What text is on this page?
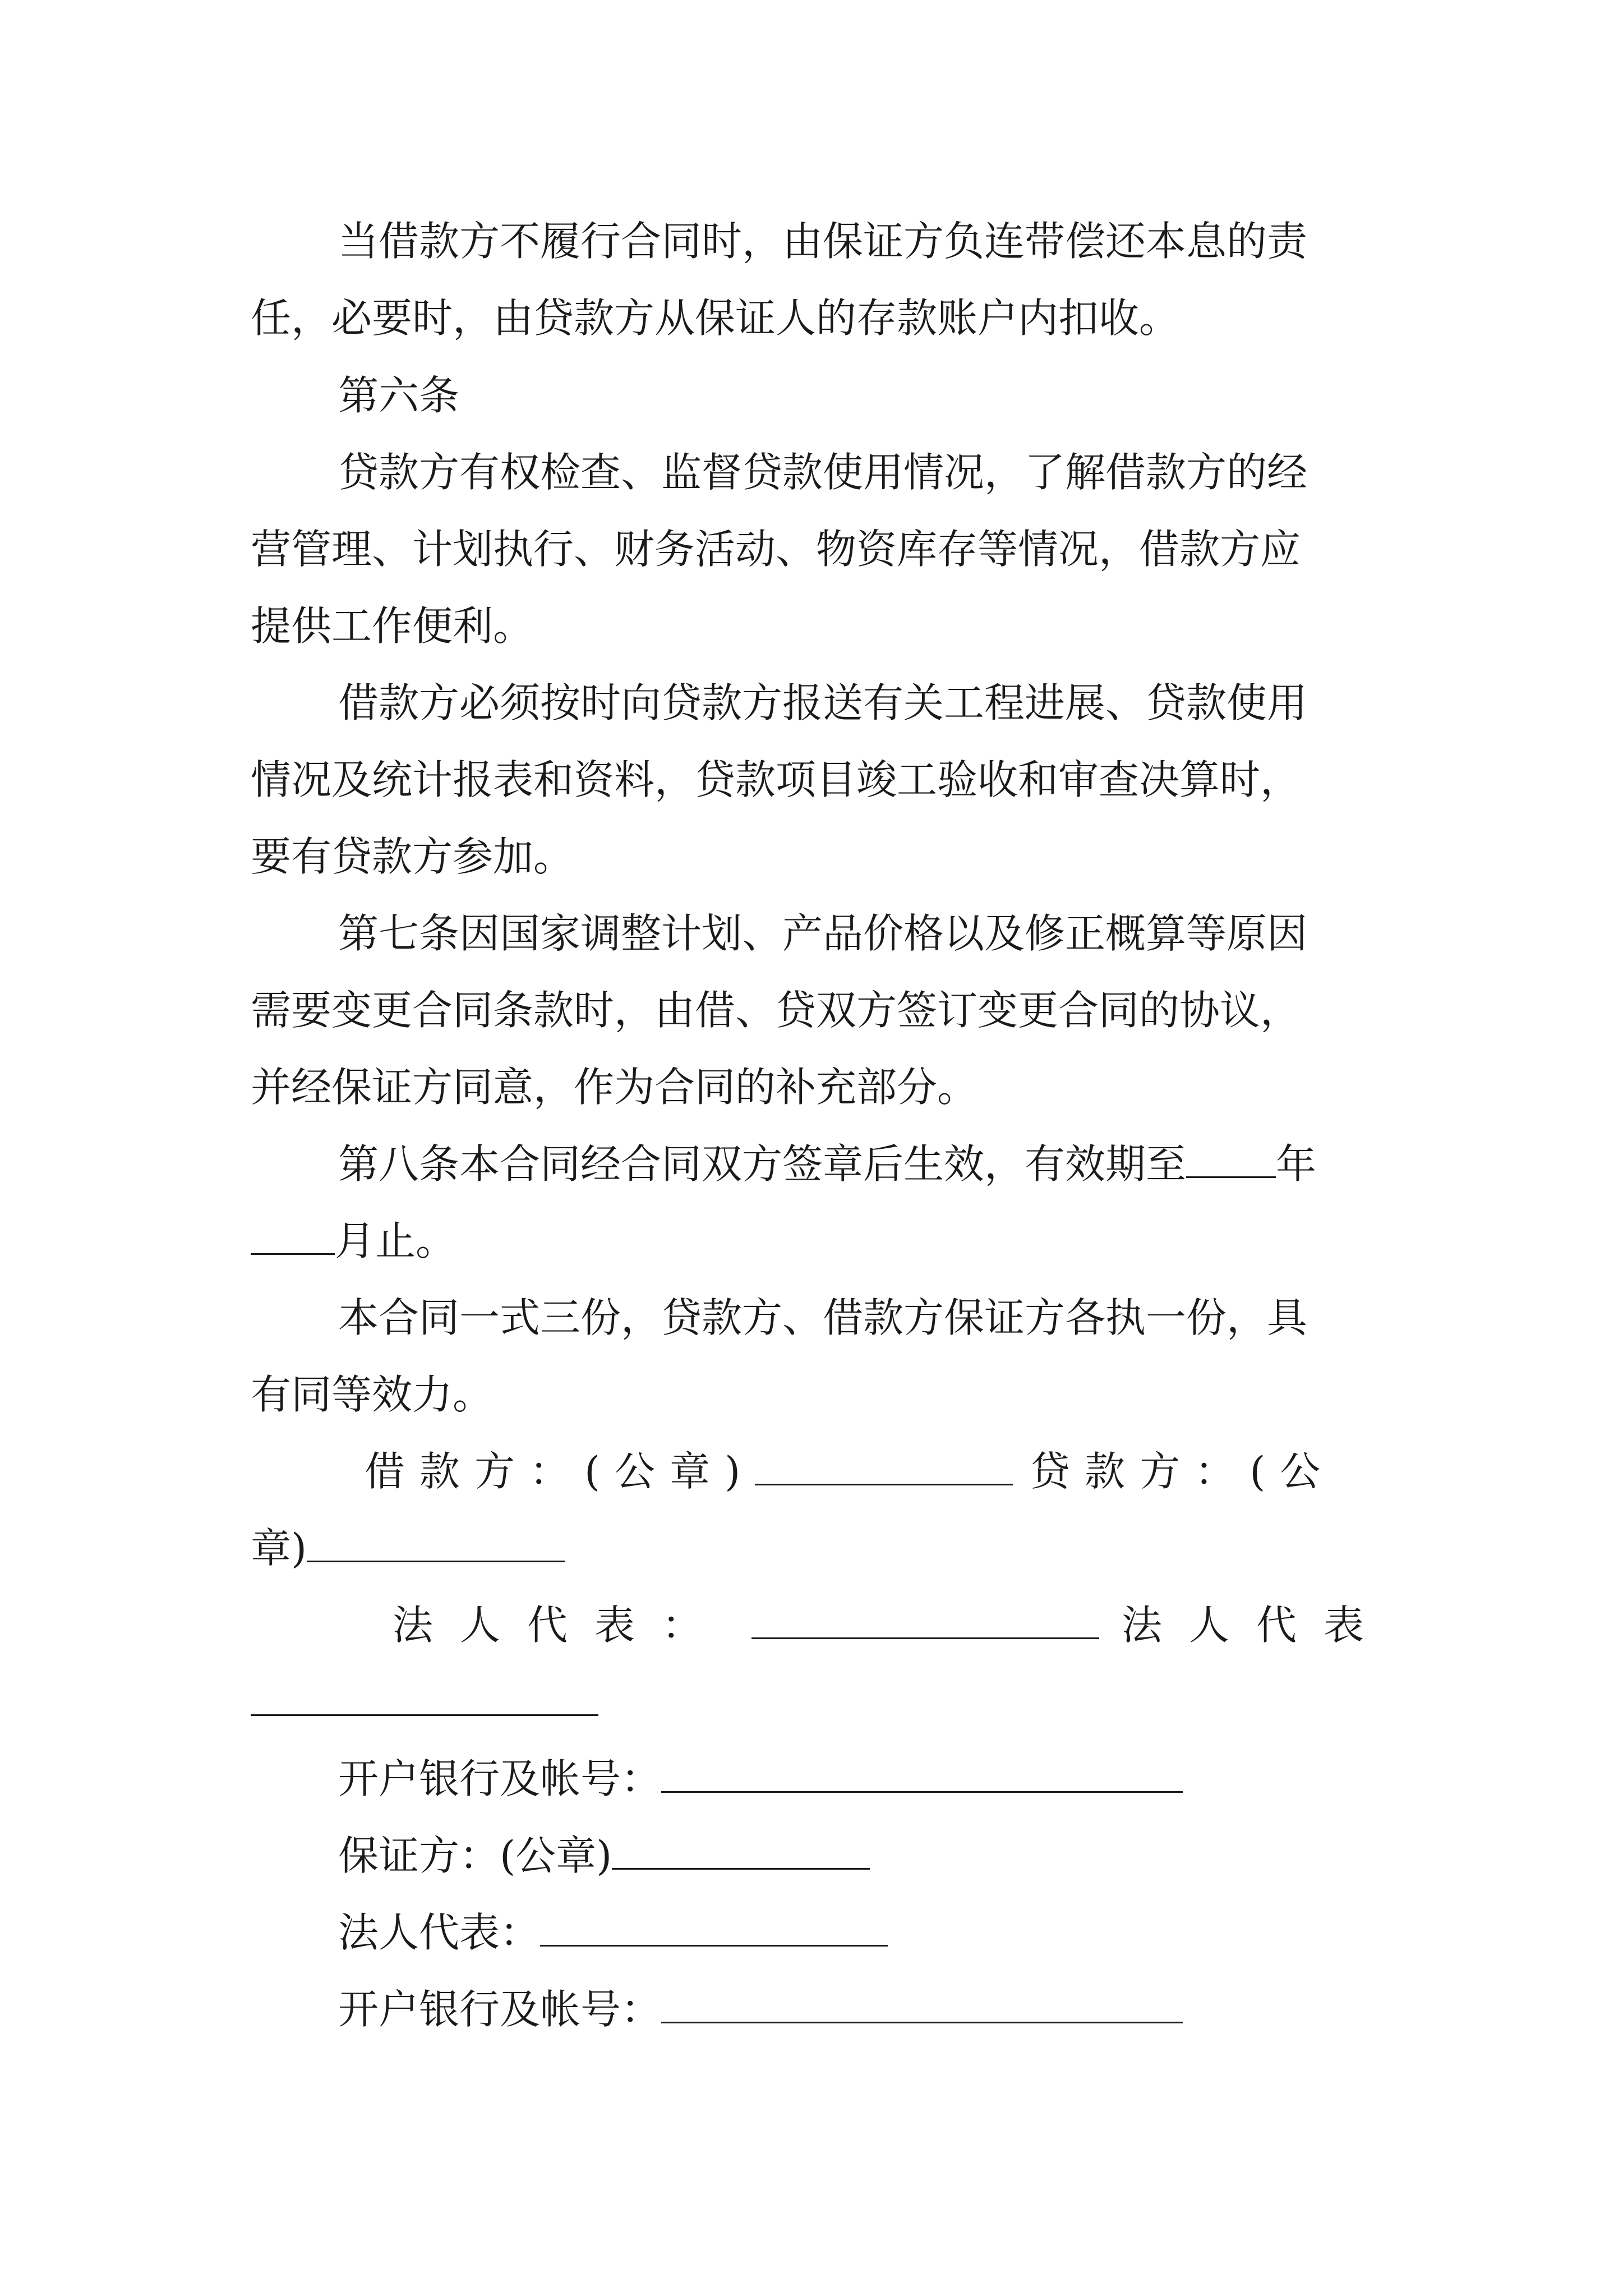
当借款方不履行合同时，由保证方负连带偿还本息的责
任，必要时，由贷款方从保证人的存款账户内扣收。
第六条
贷款方有权检查、监督贷款使用情况，了解借款方的经
营管理、计划执行、财务活动、物资库存等情况，借款方应
提供工作便利。
借款方必须按时向贷款方报送有关工程进展、贷款使用
情况及统计报表和资料，贷款项目竣工验收和审查决算时，
要有贷款方参加。
第七条因国家调整计划、产品价格以及修正概算等原因
需要变更合同条款时，由借、贷双方签订变更合同的协议，
并经保证方同意，作为合同的补充部分。
第八条本合同经合同双方签章后生效，有效期至 年
月止。
本合同一式三份，贷款方、借款方保证方各执一份，具
有同等效力。
借款方：(公章)	贷款方：(公
章)
法人代表：	法人代表
开户银行及帐号：
保证方：(公章)
法人代表：
开户银行及帐号：
